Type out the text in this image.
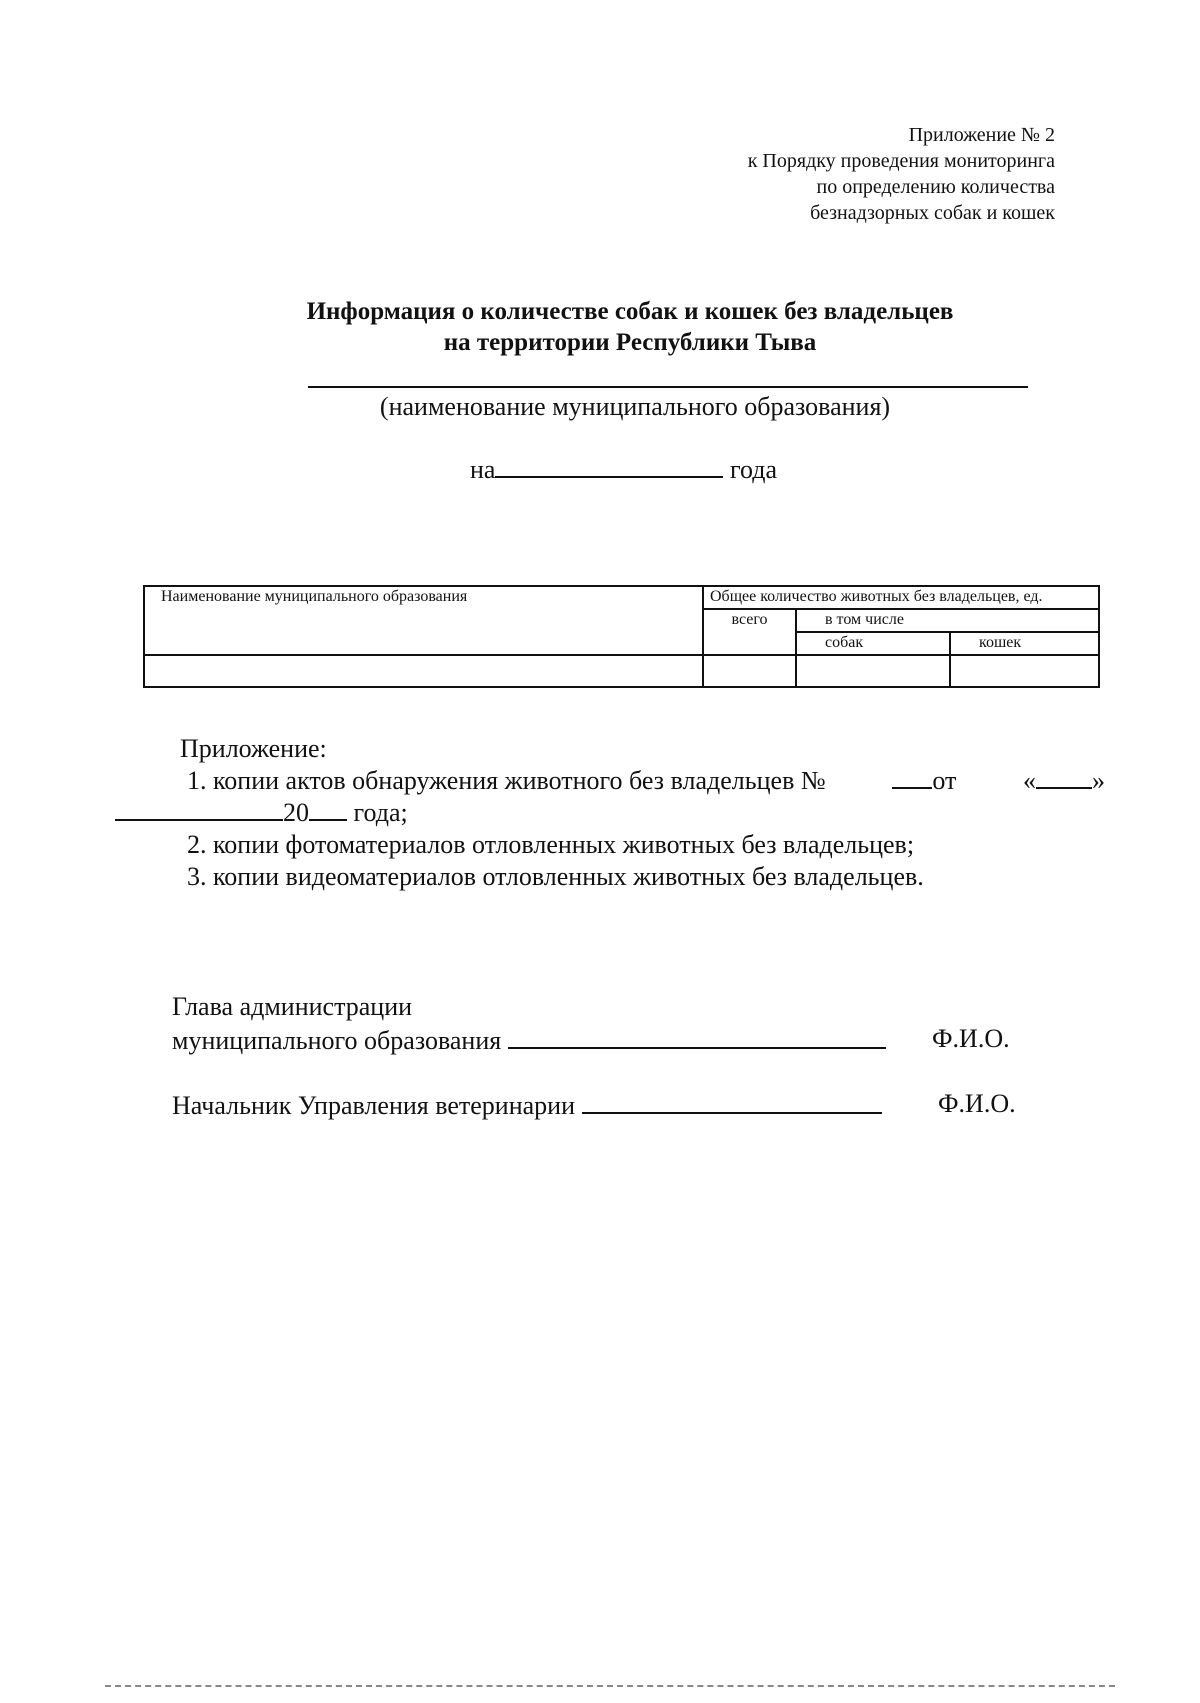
Приложение № 2
к Порядку проведения мониторинга
по определению количества
безнадзорных собак и кошек
Информация о количестве собак и кошек без владельцев
на территории Республики Тыва
(наименование муниципального образования)
на	года
Наименование муниципального образования	Общее количество животных без владельцев, ед.		
	всего	в том числе	
		собак	кошек

Приложение:
1. копии актов обнаружения животного без владельцев №	от	« »
20 года;
2. копии фотоматериалов отловленных животных без владельцев;
3. копии видеоматериалов отловленных животных без владельцев.
Глава администрации
муниципального образования	Ф.И.О.
Начальник Управления ветеринарии	Ф.И.О.
